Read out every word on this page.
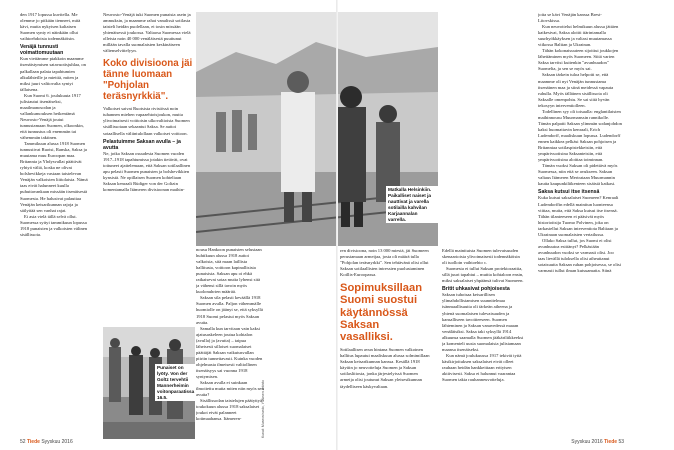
den 1917 lopussa kuvitella. Me olemme jo pitkään tienneet, mitä kävi, mutta nykyisen kaltaisen Suomen synty ei näinkään ollut vaihtoehdoista todennäköisin.

Venäjä tunnusti voimattomuutaan

Kun viettämme piakkoin maamme itsenäistymisen satavuotisjuhlaa, on palkallaan palata tapahtumien alkulähteille ja miettiä, miten ja miksi juuri valtiovalta syntyi tällaisena.

Kun Suomi 6. joulukuuta 1917 julistautui itsenäiseksi, maailmanosodan ja vallankumouksen heikentämä Neuvosto-Venäjä joutui tunnustamaan Suomen, olkoonkin, että tunnustus oli enemmän tai vähemmän taktinen.

Tammikuun alussa 1918 Suomen tunnustivat Ruotsi, Ranska, Saksa ja muutama muu Euroopan maa. Britannia ja Yhdysvallat päättivät ryhtyä väliä, koska ne olivat bolshevikkeja vastaan taistelevan Venäjän valkoisten liittolaisia. Nämä taas eivät halunneet kuulla puhuttavankaan missään itsenäisestä Suomesta. He halusivat palauttaa Venäjän keisarikunnan rajoja ja säilyttää sen vanhat rajat.

Ei asia vielä tällä selvä ollut. Suomessa syttyi tammikuun lopussa 1918 punaisten ja valkoisten välinen sisällissota.

Neuvosto-Venäjä tuki Suomen punaisia asein ja ammuksin, ja maamme rahat vanalissä sotilasta taisteli heidän puolellaan, ei tosin missään yhtenäisessä joukossa. Valtaosa Suomessa vielä olleista noin 40 000 venäläisestä puuttunut millään tavalla suomalaisten keskinäiseen välienselvittelyyn.

Koko divisioona jäi tänne luomaan "Pohjolan teräsnyrkkiä".

Valkoiset saivat Ruotsista rivistössä noin tuhannen miehen vapaaehtoisjoukon, mutta ylivoimaisesti voittoisin ulkovaltioista Suomen sisällissotaan sekaantui Saksa. Se auttoi sotaallisella väliintulollaan valkoiset voittoon.

Pelastuimme Saksan avulla – ja avutta

Ne, jotka Saksan osuudesta Suomen vuoden 1917–1918 tapahtumissa jotakin tietävät, ovat tottuneet ajattelemaan, että Saksan sotilaallinen apu pelasti Suomen punaisten ja bolshevikkien kynsistä. Ne opillaisen Suomen kohteliaan Saksan kenraali Rüdiger von der Goltzin komentamalla Itämeren divisioonan maihin-

nousu Hankoon punaisten selustaan huhtikuun alussa 1918 auttoi valkoisia, sitä maan laillista hallitusta, voittoon kapinallisista punaisista. Saksan apu oi ehkä ratkaisevat sotaa mutta lyhensi sitä ja vähensi sillä tavoin myös kuolonuhrien määrää.

Saksan sila pelasti keväällä 1918 Suomen avulla. Paljon vähemmälle huomiolle on jäänyt se, että syksyllä 1918 Suomi pelastui myös Saksan avutta.

Samalla kun tarvitaan vain kaksi ajatusaskeleen joutua kohtalon (avulla) ja (avutta) – taipua läheisesti silloiset suomalaiset päättäjät Saksan vaikutusvallan piiriin tunnettavasti. Kuinka vuoden ohjelmasta ilmeisesti valtiollinen itsenäisyys sai vuonna 1918 syntymisen.

Saksan avulla ei suinkaan ilmoitettu mutta miten niin myös sen avutta?

Sisällissodan taistelujen päätyttyä toukokuun alussa 1918 saksalaiset joukot eivät palanneet kotimaahansa. Itämeren-

Punaiset on lyöty. Von der Goltz tervehtii Mannerheimin voitonparaatissa 16.5.	Kuvat: Museovirasto, Ylläksen arkisto
Matkalla Helsinkiin. Paikalliset naiset ja nauttivat ja varella sotilailla kahvilan Karjaannalan varrella.

ren divisioona, noin 13 000 miestä, jäi Suomeen perustamaan armeijaa, josta oli määrä tulla "Pohjolan teräsnyrkki". Sen tehtävänä olisi ollut Saksan sotilaallisten intressien puolustaminen Koillis-Euroopassa.

Sopimuksillaan Suomi suostui käytännössä Saksan vasalliksi.

Sotilaallisen avun hintana Suomen valkoinen hallitus lupautui maaliskuun alussa solmimillaan Saksan keisarikunnan kanssa. Kesällä 1918 käytiin jo neuvotteluja Suomen ja Saksan sotilasliitosta, jonka järjestelyissä Suomen armeija olisi joutunut Saksan yleisesikunnan täydelliseen käskyvaltaan.

Edellä mainituista Suomen tulevaisuuden skenaarioista ylivoimaisesti todennäköisin oli tuolloin vaihtoehto c.

Suomesta ei tullut Saksan protektoraattia, sillä juuri tapahtui – muttta kohtaloon ensin, miksi saksalaiset yhpäänsä tulivat Suomeen.

Britit uhkasivat pohjoisesta

Saksan tuhoisaa keisarillisen ylimahdollistamisen suunnitelmaa isänmaallisuutta oli tärkeän aiheena ja yhtenä suomalaisen tulevaisuuden ja kansalliseen tavoitteeseen. Suomen lähteminen ja Saksan vanavedessä maaan venäläisiksi. Saksa taki syksyllä 1914 alkuunsa saamalla Suomen jääkäriliikkeeksi ja komenteli uusia suomalaisia julistamaan maansa itsenäiseksi.

Kun nämä joulukuussa 1917 tekivät tyttä käsikirjoituksen saksalaiset eivät olleet rauhaan heidän hankkeittaan erityisen aktiivisesti. Saksa ei halunnut vaarantaa Suomen takia rauhanneuvotteluja.

joita se kävi Venäjän kanssa Brest-Litovskissa.

Kun neuvottelut helmikuun alussa jättäen katkesivat, Saksa aloitti itärintamalla suurhyökkäyksen ja valtasi muutamassa viikossa Baltian ja Ukrainan.

Tähän kokonaisuuteen sijoittui joukkojen lähettäminen myös Suomeen. Siitä varten Saksa tarvitsi kuitenkin "avunhuudon" Suomelta, ja sen se myös sai.

Saksan tärkein tuloa helpotti se, että maamme oli nyt Venäjän tunnustama itsenäinen maa ja siinä meidessä vapauta ruhulla. Myös tälläinen sisällissota oli Saksalle omenpohtu. Se sai siitä hyvän tekosyyn interventiolleen.

Todellinen syy oli toisaalla: englantilaisten maihinnousu Muurmanssin rannikolle. Tämän palpatti Saksan ylimmän sodanjohdon kaksi huomattavin kenraali, Erich Ludendorff, maaliskuun lopussa. Ludendorff ennen kaikkea pelkäsi Saksan pohjoisen ja Britanniaa sotilaspistekkeisiin, että ympärivuotisina Saksanteisiin, että ympärivuotisina aloittaa toiminnan.

Tämän vuoksi Saksan oli pidettävä myös Suomessa, niin että se avukseen. Saksan valtaus Itämeren Merirataan Muurmannin kautta kaupunkiliikenteen sisäistä katkasi.

Saksa kutsui itse itsensä

Kuka kutsui saksalaiset Suomeen? Kenraali Ludendorffin edellä mainitun luonteensa viittaa, mutta, että Saksa kutsui itse itsensä. Tähän tilanteeseen ei pääsivät myös historioitsija Tuomo Polvinen, joka on tarkastellut Saksan interventiota Baltiaan ja Ukrainaan suomalaisten vertailussa.

Ollako Saksa tullut, jos Suomi ei olisi avunhuutoa esittänyt? Pelkästään avunhuudon vuoksi se varmasti olisi. Joo taas lievällä tuloksella olisi aiheuttanut sotaisuutta Saksan ruhan pohjoisessa, se olisi varmasti tullut ilman kutsuamatta. Siinä

52 Tiede Syyskuu 2016	Syyskuu 2016 Tiede 53
